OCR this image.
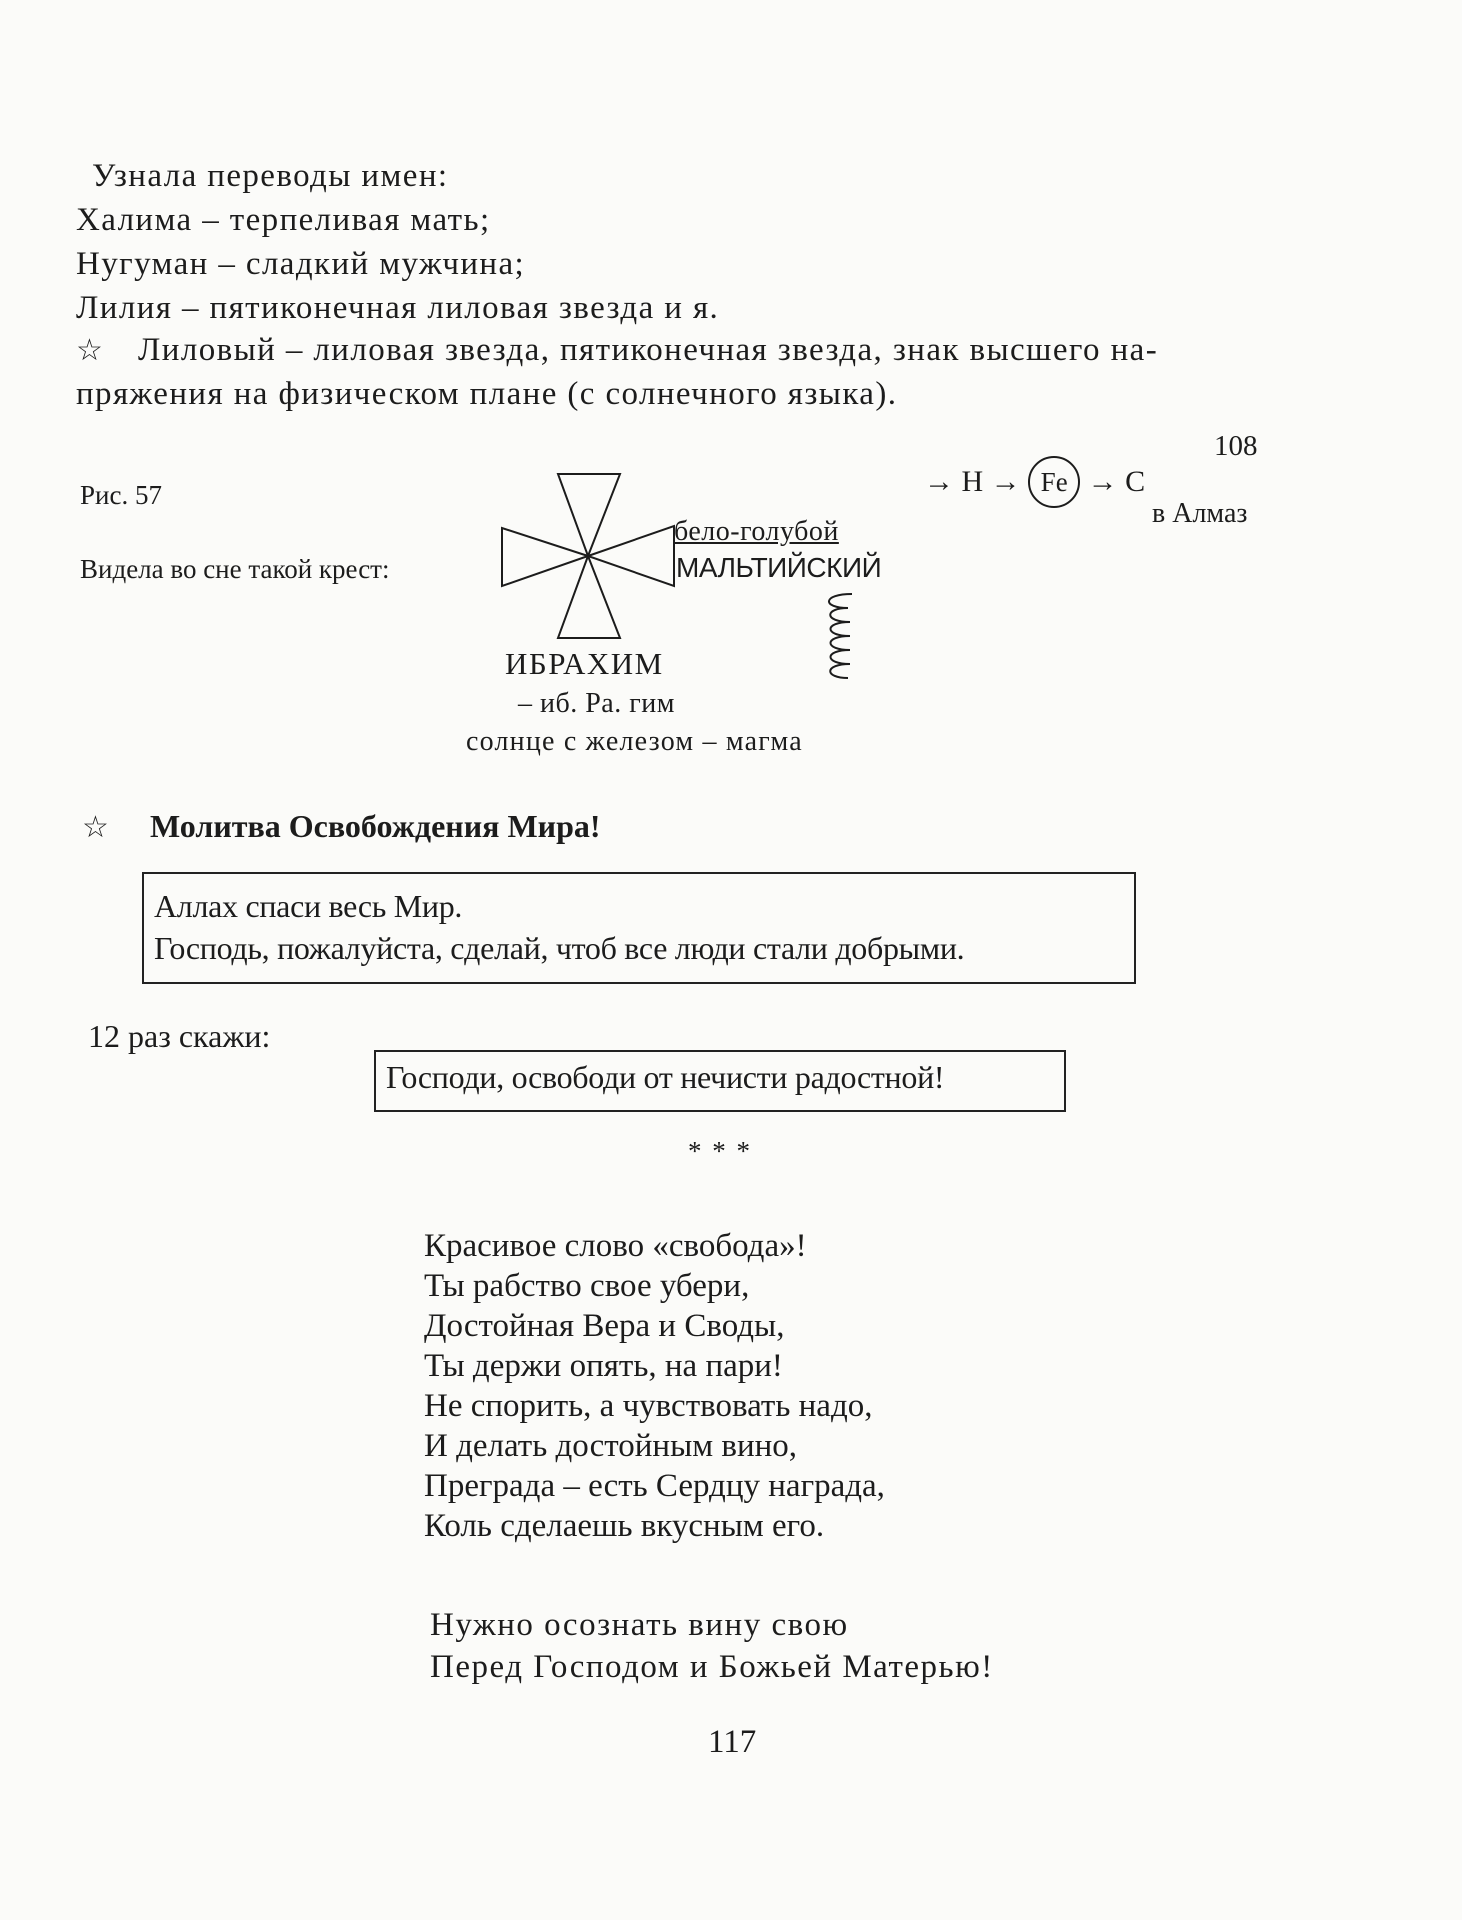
Узнала переводы имен:
Халима – терпеливая мать;
Нугуман – сладкий мужчина;
Лилия – пятиконечная лиловая звезда и я.
☆ Лиловый – лиловая звезда, пятиконечная звезда, знак высшего на-
пряжения на физическом плане (с солнечного языка).
Рис. 57
Видела во сне такой крест:
бело-голубой
МАЛЬТИЙСКИЙ
ИБРАХИМ
– иб. Ра. гим
солнце с железом – магма
→ H → Fe → C
108
в Алмаз
☆ Молитва Освобождения Мира!
Аллах спаси весь Мир.
Господь, пожалуйста, сделай, чтоб все люди стали добрыми.
12 раз скажи:
Господи, освободи от нечисти радостной!
* * *
Красивое слово «свобода»!
Ты рабство свое убери,
Достойная Вера и Своды,
Ты держи опять, на пари!
Не спорить, а чувствовать надо,
И делать достойным вино,
Преграда – есть Сердцу награда,
Коль сделаешь вкусным его.
Нужно осознать вину свою
Перед Господом и Божьей Матерью!
117
